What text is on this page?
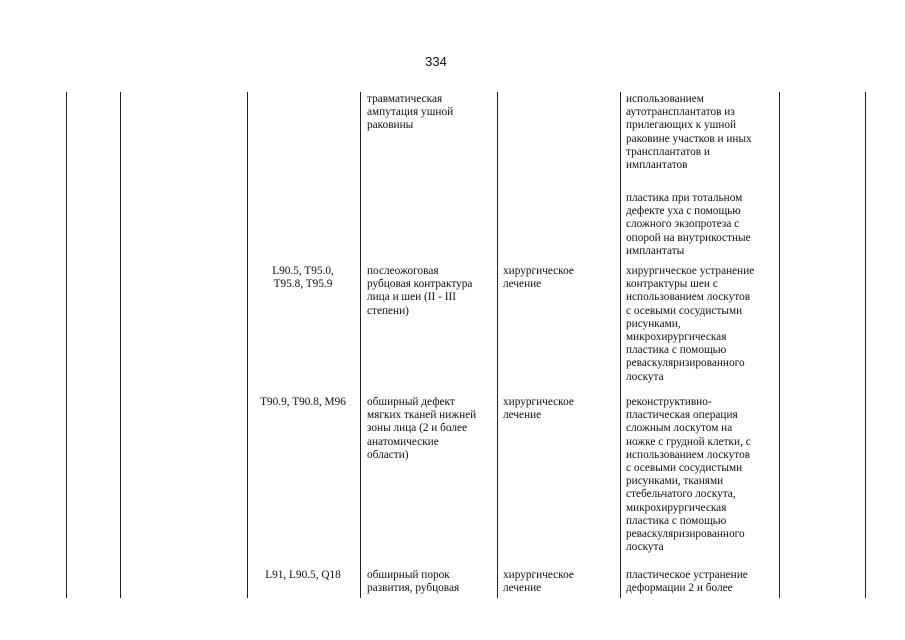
334
травматическая
ампутация ушной
раковины
использованием
аутотрансплантатов из
прилегающих к ушной
раковине участков и иных
трансплантатов и
имплантатов
пластика при тотальном
дефекте уха с помощью
сложного экзопротеза с
опорой на внутрикостные
имплантаты
L90.5, T95.0,
T95.8, T95.9
послеожоговая
рубцовая контрактура
лица и шеи (II - III
степени)
хирургическое
лечение
хирургическое устранение
контрактуры шеи с
использованием лоскутов
с осевыми сосудистыми
рисунками,
микрохирургическая
пластика с помощью
реваскуляризированного
лоскута
T90.9, T90.8, M96	обширный дефект
мягких тканей нижней
зоны лица (2 и более
анатомические
области)
хирургическое
лечение
реконструктивно-
пластическая операция
сложным лоскутом на
ножке с грудной клетки, с
использованием лоскутов
с осевыми сосудистыми
рисунками, тканями
стебельчатого лоскута,
микрохирургическая
пластика с помощью
реваскуляризированного
лоскута
L91, L90.5, Q18	обширный порок
развития, рубцовая
хирургическое
лечение
пластическое устранение
деформации 2 и более
